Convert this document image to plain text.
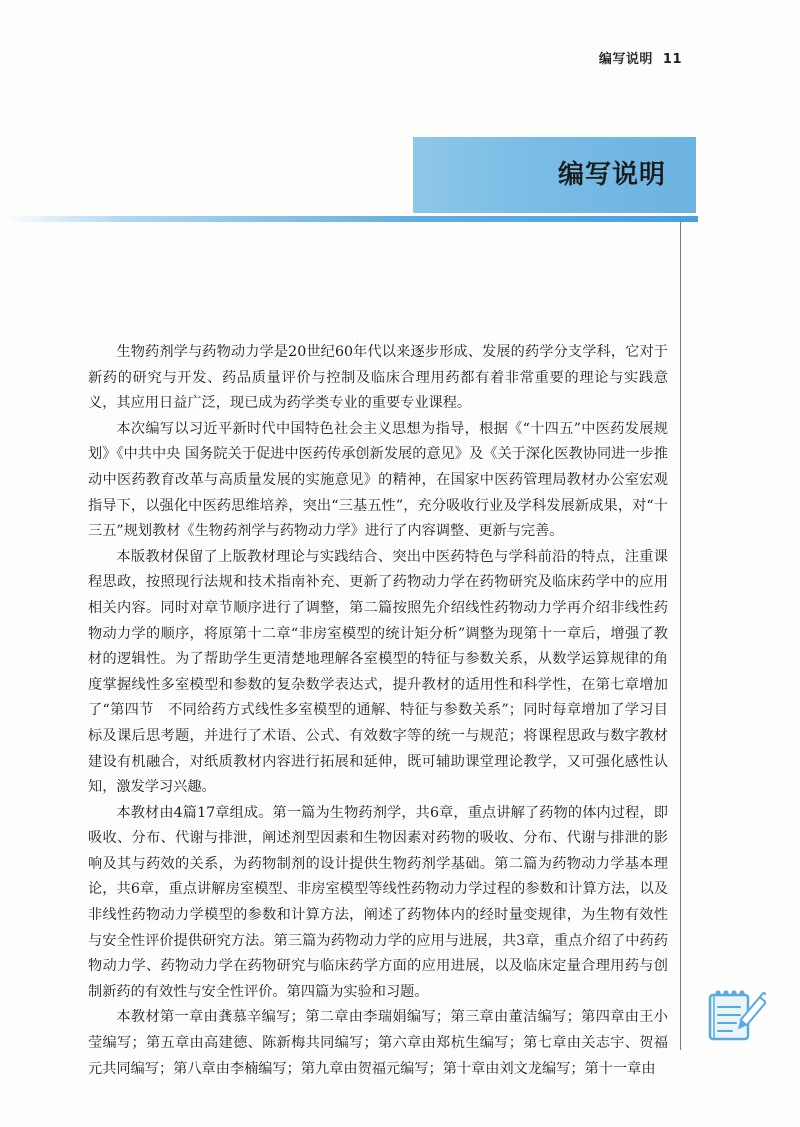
编写说明 11
编写说明

生物药剂学与药物动力学是20世纪60年代以来逐步形成、发展的药学分支学科，它对于新药的研究与开发、药品质量评价与控制及临床合理用药都有着非常重要的理论与实践意义，其应用日益广泛，现已成为药学类专业的重要专业课程。

本次编写以习近平新时代中国特色社会主义思想为指导，根据《“十四五”中医药发展规划》《中共中央 国务院关于促进中医药传承创新发展的意见》及《关于深化医教协同进一步推动中医药教育改革与高质量发展的实施意见》的精神，在国家中医药管理局教材办公室宏观指导下，以强化中医药思维培养，突出“三基五性”，充分吸收行业及学科发展新成果，对“十三五”规划教材《生物药剂学与药物动力学》进行了内容调整、更新与完善。

本版教材保留了上版教材理论与实践结合、突出中医药特色与学科前沿的特点，注重课程思政，按照现行法规和技术指南补充、更新了药物动力学在药物研究及临床药学中的应用相关内容。同时对章节顺序进行了调整，第二篇按照先介绍线性药物动力学再介绍非线性药物动力学的顺序，将原第十二章“非房室模型的统计矩分析”调整为现第十一章后，增强了教材的逻辑性。为了帮助学生更清楚地理解各室模型的特征与参数关系，从数学运算规律的角度掌握线性多室模型和参数的复杂数学表达式，提升教材的适用性和科学性，在第七章增加了“第四节　不同给药方式线性多室模型的通解、特征与参数关系”；同时每章增加了学习目标及课后思考题，并进行了术语、公式、有效数字等的统一与规范；将课程思政与数字教材建设有机融合，对纸质教材内容进行拓展和延伸，既可辅助课堂理论教学，又可强化感性认知，激发学习兴趣。

本教材由4篇17章组成。第一篇为生物药剂学，共6章，重点讲解了药物的体内过程，即吸收、分布、代谢与排泄，阐述剂型因素和生物因素对药物的吸收、分布、代谢与排泄的影响及其与药效的关系，为药物制剂的设计提供生物药剂学基础。第二篇为药物动力学基本理论，共6章，重点讲解房室模型、非房室模型等线性药物动力学过程的参数和计算方法，以及非线性药物动力学模型的参数和计算方法，阐述了药物体内的经时量变规律，为生物有效性与安全性评价提供研究方法。第三篇为药物动力学的应用与进展，共3章，重点介绍了中药药物动力学、药物动力学在药物研究与临床药学方面的应用进展，以及临床定量合理用药与创制新药的有效性与安全性评价。第四篇为实验和习题。

本教材第一章由龚慕辛编写；第二章由李瑞娟编写；第三章由董洁编写；第四章由王小莹编写；第五章由高建德、陈新梅共同编写；第六章由郑杭生编写；第七章由关志宇、贺福元共同编写；第八章由李楠编写；第九章由贺福元编写；第十章由刘文龙编写；第十一章由
